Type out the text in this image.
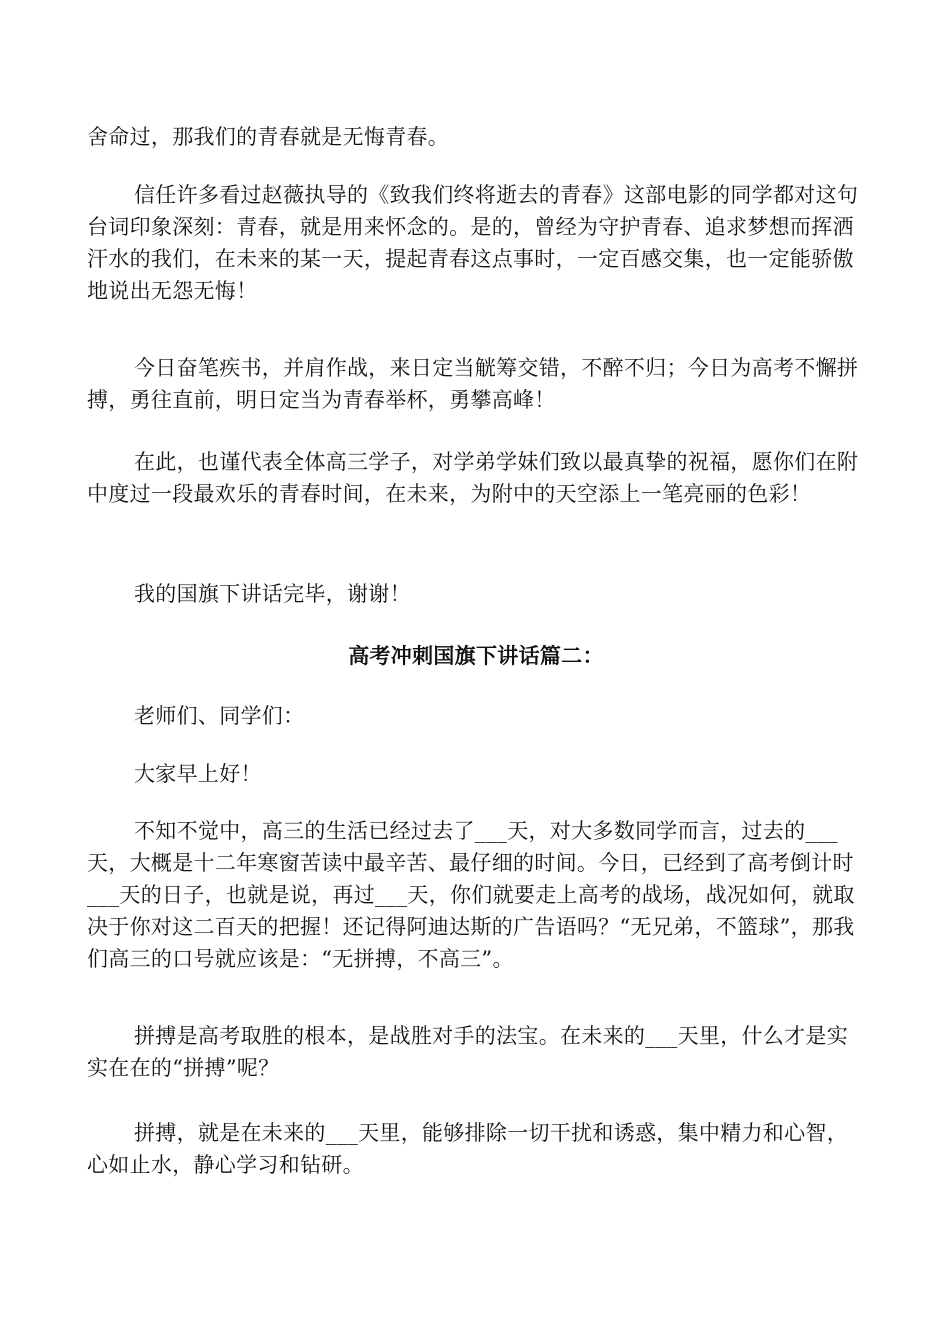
舍命过，那我们的青春就是无悔青春。

信任许多看过赵薇执导的《致我们终将逝去的青春》这部电影的同学都对这句台词印象深刻：青春，就是用来怀念的。是的，曾经为守护青春、追求梦想而挥洒汗水的我们，在未来的某一天，提起青春这点事时，一定百感交集，也一定能骄傲地说出无怨无悔！

今日奋笔疾书，并肩作战，来日定当觥筹交错，不醉不归；今日为高考不懈拼搏，勇往直前，明日定当为青春举杯，勇攀高峰！

在此，也谨代表全体高三学子，对学弟学妹们致以最真挚的祝福，愿你们在附中度过一段最欢乐的青春时间，在未来，为附中的天空添上一笔亮丽的色彩！

我的国旗下讲话完毕，谢谢！

高考冲刺国旗下讲话篇二：

老师们、同学们：

大家早上好！

不知不觉中，高三的生活已经过去了___天，对大多数同学而言，过去的___天，大概是十二年寒窗苦读中最辛苦、最仔细的时间。今日，已经到了高考倒计时___天的日子，也就是说，再过___天，你们就要走上高考的战场，战况如何，就取决于你对这二百天的把握！还记得阿迪达斯的广告语吗？“无兄弟，不篮球”，那我们高三的口号就应该是：“无拼搏，不高三”。

拼搏是高考取胜的根本，是战胜对手的法宝。在未来的___天里，什么才是实实在在的“拼搏”呢？

拼搏，就是在未来的___天里，能够排除一切干扰和诱惑，集中精力和心智，心如止水，静心学习和钻研。
